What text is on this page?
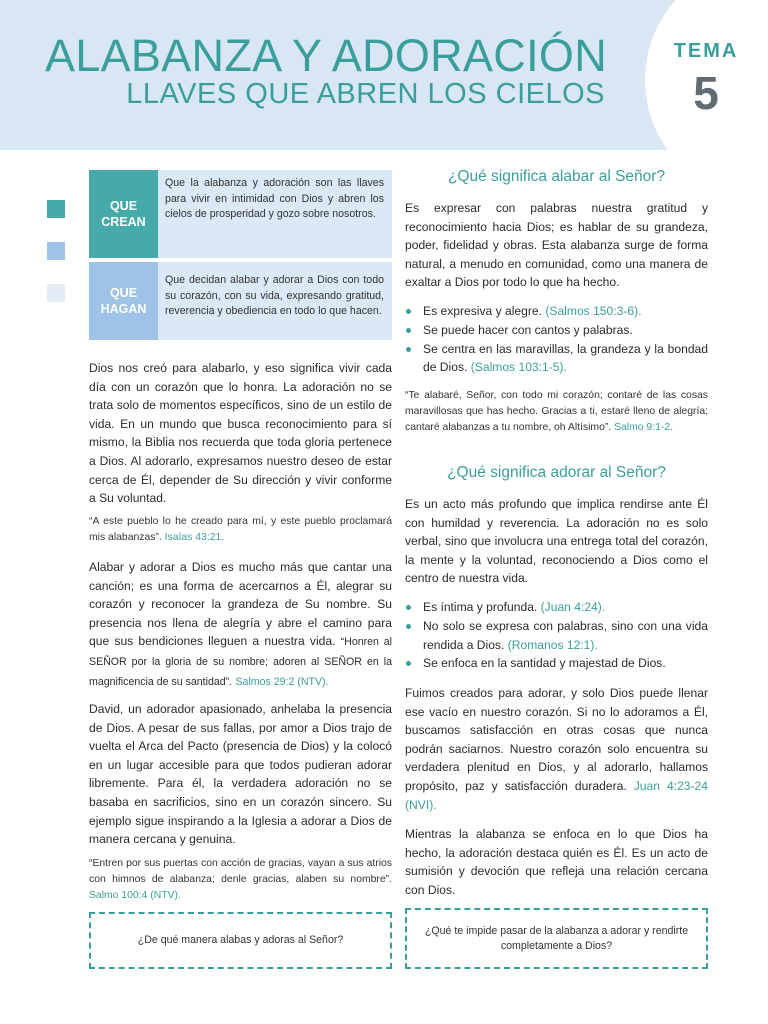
ALABANZA Y ADORACIÓN
LLAVES QUE ABREN LOS CIELOS
TEMA
5
QUE
CREAN
Que la alabanza y adoración son las llaves para vivir en intimidad con Dios y abren los cielos de prosperidad y gozo sobre nosotros.
QUE
HAGAN
Que decidan alabar y adorar a Dios con todo su corazón, con su vida, expresando gratitud, reverencia y obediencia en todo lo que hacen.
Dios nos creó para alabarlo, y eso significa vivir cada día con un corazón que lo honra. La adoración no se trata solo de momentos específicos, sino de un estilo de vida. En un mundo que busca reconocimiento para sí mismo, la Biblia nos recuerda que toda gloria pertenece a Dios. Al adorarlo, expresamos nuestro deseo de estar cerca de Él, depender de Su dirección y vivir conforme a Su voluntad.
“A este pueblo lo he creado para mí, y este pueblo proclamará mis alabanzas”. Isaías 43:21.
Alabar y adorar a Dios es mucho más que cantar una canción; es una forma de acercarnos a Él, alegrar su corazón y reconocer la grandeza de Su nombre. Su presencia nos llena de alegría y abre el camino para que sus bendiciones lleguen a nuestra vida. “Honren al SEÑOR por la gloria de su nombre; adoren al SEÑOR en la magnificencia de su santidad”. Salmos 29:2 (NTV).
David, un adorador apasionado, anhelaba la presencia de Dios. A pesar de sus fallas, por amor a Dios trajo de vuelta el Arca del Pacto (presencia de Dios) y la colocó en un lugar accesible para que todos pudieran adorar libremente. Para él, la verdadera adoración no se basaba en sacrificios, sino en un corazón sincero. Su ejemplo sigue inspirando a la Iglesia a adorar a Dios de manera cercana y genuina.
“Entren por sus puertas con acción de gracias, vayan a sus atrios con himnos de alabanza; denle gracias, alaben su nombre”. Salmo 100:4 (NTV).
¿De qué manera alabas y adoras al Señor?
¿Qué significa alabar al Señor?
Es expresar con palabras nuestra gratitud y reconocimiento hacia Dios; es hablar de su grandeza, poder, fidelidad y obras. Esta alabanza surge de forma natural, a menudo en comunidad, como una manera de exaltar a Dios por todo lo que ha hecho.
Es expresiva y alegre. (Salmos 150:3-6).
Se puede hacer con cantos y palabras.
Se centra en las maravillas, la grandeza y la bondad de Dios. (Salmos 103:1-5).
“Te alabaré, Señor, con todo mi corazón; contaré de las cosas maravillosas que has hecho. Gracias a ti, estaré lleno de alegría; cantaré alabanzas a tu nombre, oh Altísimo”. Salmo 9:1-2.
¿Qué significa adorar al Señor?
Es un acto más profundo que implica rendirse ante Él con humildad y reverencia. La adoración no es solo verbal, sino que involucra una entrega total del corazón, la mente y la voluntad, reconociendo a Dios como el centro de nuestra vida.
Es íntima y profunda. (Juan 4:24).
No solo se expresa con palabras, sino con una vida rendida a Dios. (Romanos 12:1).
Se enfoca en la santidad y majestad de Dios.
Fuimos creados para adorar, y solo Dios puede llenar ese vacío en nuestro corazón. Si no lo adoramos a Él, buscamos satisfacción en otras cosas que nunca podrán saciarnos. Nuestro corazón solo encuentra su verdadera plenitud en Dios, y al adorarlo, hallamos propósito, paz y satisfacción duradera. Juan 4:23-24 (NVI).
Mientras la alabanza se enfoca en lo que Dios ha hecho, la adoración destaca quién es Él. Es un acto de sumisión y devoción que refleja una relación cercana con Dios.
¿Qué te impide pasar de la alabanza a adorar y rendirte completamente a Dios?
